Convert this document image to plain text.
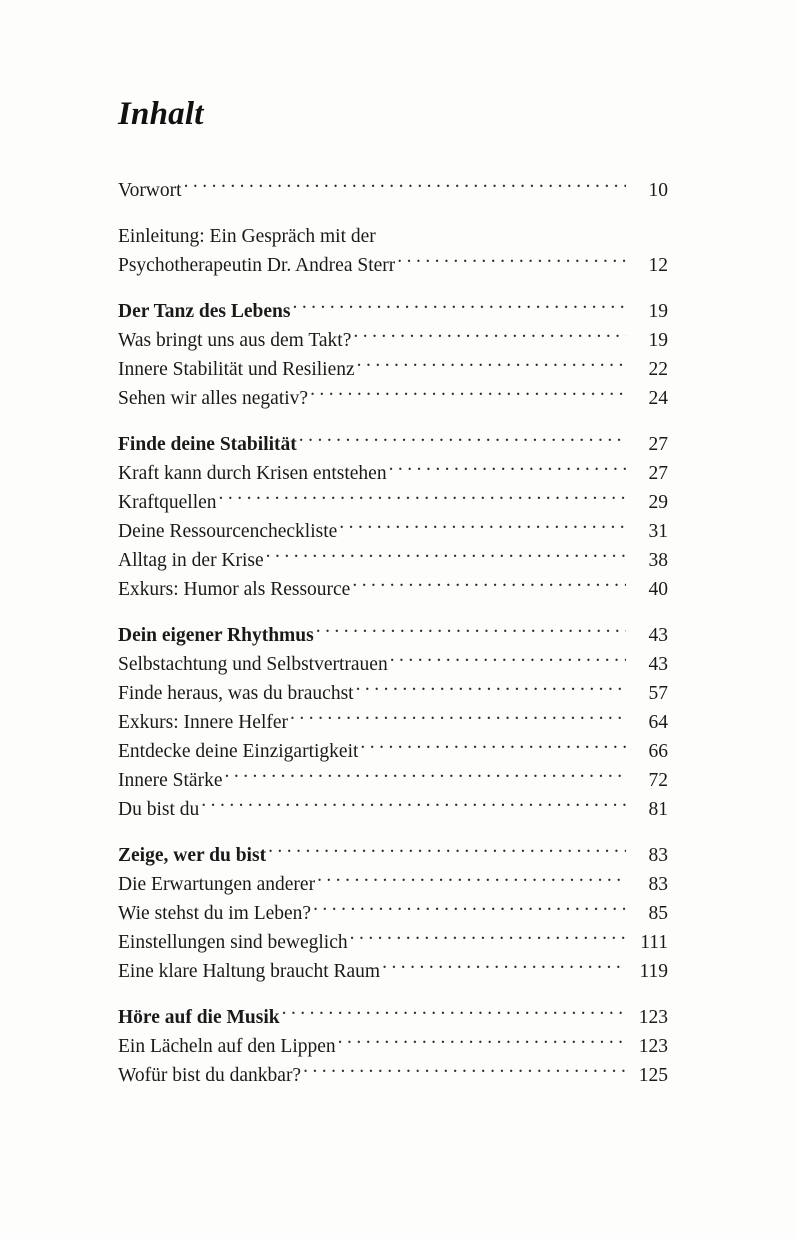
Inhalt
Vorwort . . .	10
Einleitung: Ein Gespräch mit der
Psychotherapeutin Dr. Andrea Sterr . . .	12
Der Tanz des Lebens . . .	19
Was bringt uns aus dem Takt? . . .	19
Innere Stabilität und Resilienz . . .	22
Sehen wir alles negativ? . . .	24
Finde deine Stabilität . . .	27
Kraft kann durch Krisen entstehen . . .	27
Kraftquellen . . .	29
Deine Ressourcencheckliste . . .	31
Alltag in der Krise . . .	38
Exkurs: Humor als Ressource . . .	40
Dein eigener Rhythmus . . .	43
Selbstachtung und Selbstvertrauen . . .	43
Finde heraus, was du brauchst . . .	57
Exkurs: Innere Helfer . . .	64
Entdecke deine Einzigartigkeit . . .	66
Innere Stärke . . .	72
Du bist du . . .	81
Zeige, wer du bist . . .	83
Die Erwartungen anderer . . .	83
Wie stehst du im Leben? . . .	85
Einstellungen sind beweglich . . .	111
Eine klare Haltung braucht Raum . . .	119
Höre auf die Musik . . .	123
Ein Lächeln auf den Lippen . . .	123
Wofür bist du dankbar? . . .	125
